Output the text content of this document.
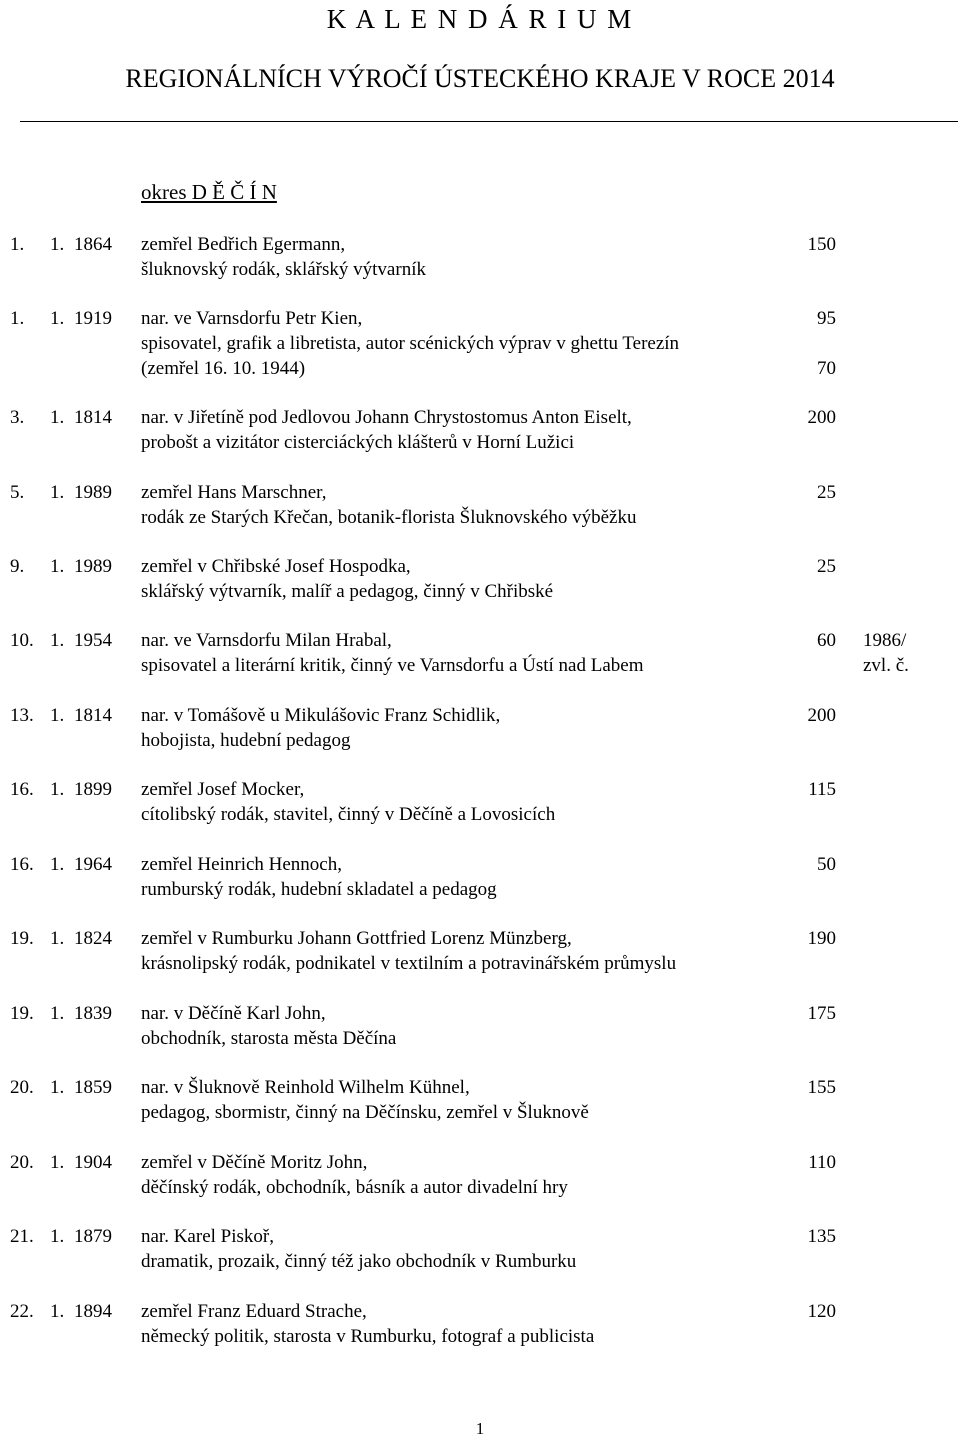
K A L E N D Á R I U M
REGIONÁLNÍCH VÝROČÍ ÚSTECKÉHO KRAJE V ROCE 2014
okres D Ě Č Í N
1. 1. 1864 zemřel Bedřich Egermann,
šluknovský rodák, sklářský výtvarník
150
1. 1. 1919 nar. ve Varnsdorfu Petr Kien,
spisovatel, grafik a libretista, autor scénických výprav v ghettu Terezín
(zemřel 16. 10. 1944)
95
70
3. 1. 1814 nar. v Jiřetíně pod Jedlovou Johann Chrystostomus Anton Eiselt,
probošt a vizitátor cisterciáckých klášterů v Horní Lužici
200
5. 1. 1989 zemřel Hans Marschner,
rodák ze Starých Křečan, botanik-florista Šluknovského výběžku
25
9. 1. 1989 zemřel v Chřibské Josef Hospodka,
sklářský výtvarník, malíř a pedagog, činný v Chřibské
25
10. 1. 1954 nar. ve Varnsdorfu Milan Hrabal,
spisovatel a literární kritik, činný ve Varnsdorfu a Ústí nad Labem
60 1986/
zvl. č.
13. 1. 1814 nar. v Tomášově u Mikulášovic Franz Schidlik,
hobojista, hudební pedagog
200
16. 1. 1899 zemřel Josef Mocker,
cítolibský rodák, stavitel, činný v Děčíně a Lovosicích
115
16. 1. 1964 zemřel Heinrich Hennoch,
rumburský rodák, hudební skladatel a pedagog
50
19. 1. 1824 zemřel v Rumburku Johann Gottfried Lorenz Münzberg,
krásnolipský rodák, podnikatel v textilním a potravinářském průmyslu
190
19. 1. 1839 nar. v Děčíně Karl John,
obchodník, starosta města Děčína
175
20. 1. 1859 nar. v Šluknově Reinhold Wilhelm Kühnel,
pedagog, sbormistr, činný na Děčínsku, zemřel v Šluknově
155
20. 1. 1904 zemřel v Děčíně Moritz John,
děčínský rodák, obchodník, básník a autor divadelní hry
110
21. 1. 1879 nar. Karel Piskoř,
dramatik, prozaik, činný též jako obchodník v Rumburku
135
22. 1. 1894 zemřel Franz Eduard Strache,
německý politik, starosta v Rumburku, fotograf a publicista
120
1
